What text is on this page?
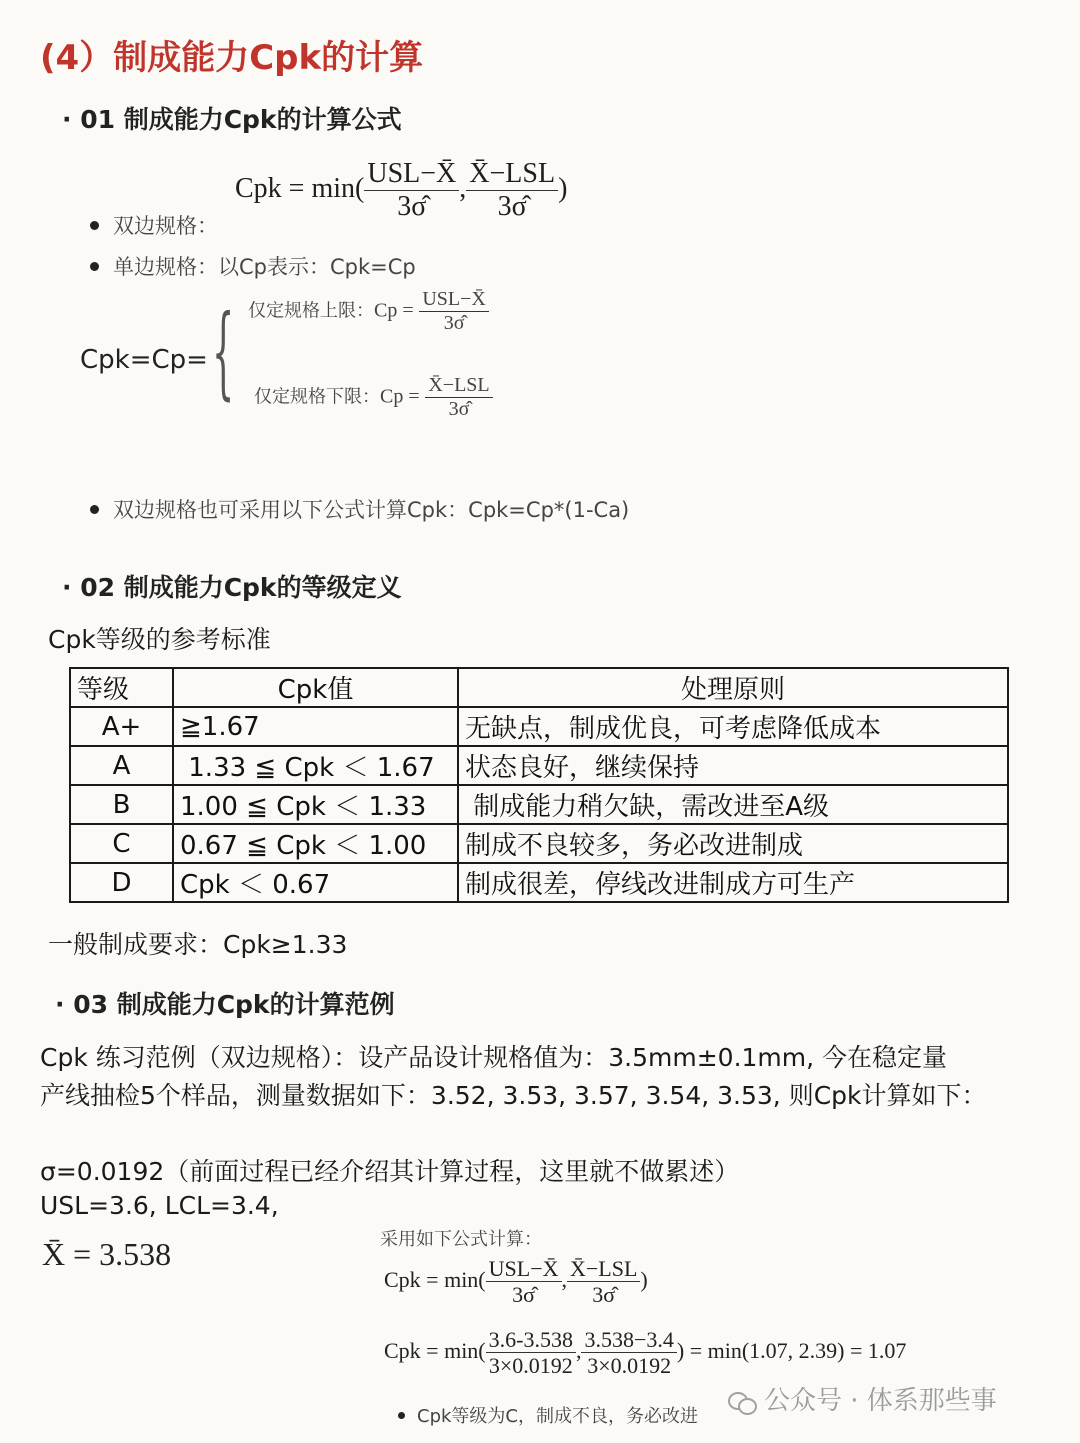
(4）制成能力Cpk的计算
· 01 制成能力Cpk的计算公式
Cpk = $\min( \frac{\text{USL−X̄}}{3\sigmâ}$ , $\frac{\text{X̄−LSL}}{3\sigmâ}$ )
双边规格：
单边规格：以Cp表示：Cpk=Cp
Cpk=Cp= { 仅定规格上限：$Cp = \frac{\text{USL−X̄}}{3\sigmâ}$
仅定规格下限：$Cp = \frac{\text{X̄−LSL}}{3\sigmâ}$
双边规格也可采用以下公式计算Cpk：Cpk=Cp*(1-Ca)
· 02 制成能力Cpk的等级定义
Cpk等级的参考标准
等级	Cpk值	处理原则
A+	≧1.67	无缺点，制成优良，可考虑降低成本
A	1.33 ≦ Cpk ＜ 1.67	状态良好，继续保持
B	1.00 ≦ Cpk ＜ 1.33	制成能力稍欠缺，需改进至A级
C	0.67 ≦ Cpk ＜ 1.00	制成不良较多，务必改进制成
D	Cpk ＜ 0.67	制成很差，停线改进制成方可生产
一般制成要求：Cpk≥1.33
· 03 制成能力Cpk的计算范例
Cpk 练习范例（双边规格）：设产品设计规格值为：3.5mm±0.1mm, 今在稳定量
产线抽检5个样品，测量数据如下：3.52, 3.53, 3.57, 3.54, 3.53, 则Cpk计算如下：
σ=0.0192（前面过程已经介绍其计算过程，这里就不做累述）
USL=3.6, LCL=3.4,
X̄ = 3.538	采用如下公式计算：
Cpk = $\min( \frac{\text{USL−X̄}}{3\sigmâ}$ , $\frac{\text{X̄−LSL}}{3\sigmâ}$ )
Cpk = $\min( \frac{3.6-3.538}{3\times 0.0192}$ , $\frac{3.538-3.4}{3\times 0.0192}$ ) = min(1.07, 2.39) = 1.07
Cpk等级为C，制成不良，务必改进
公众号 · 体系那些事
